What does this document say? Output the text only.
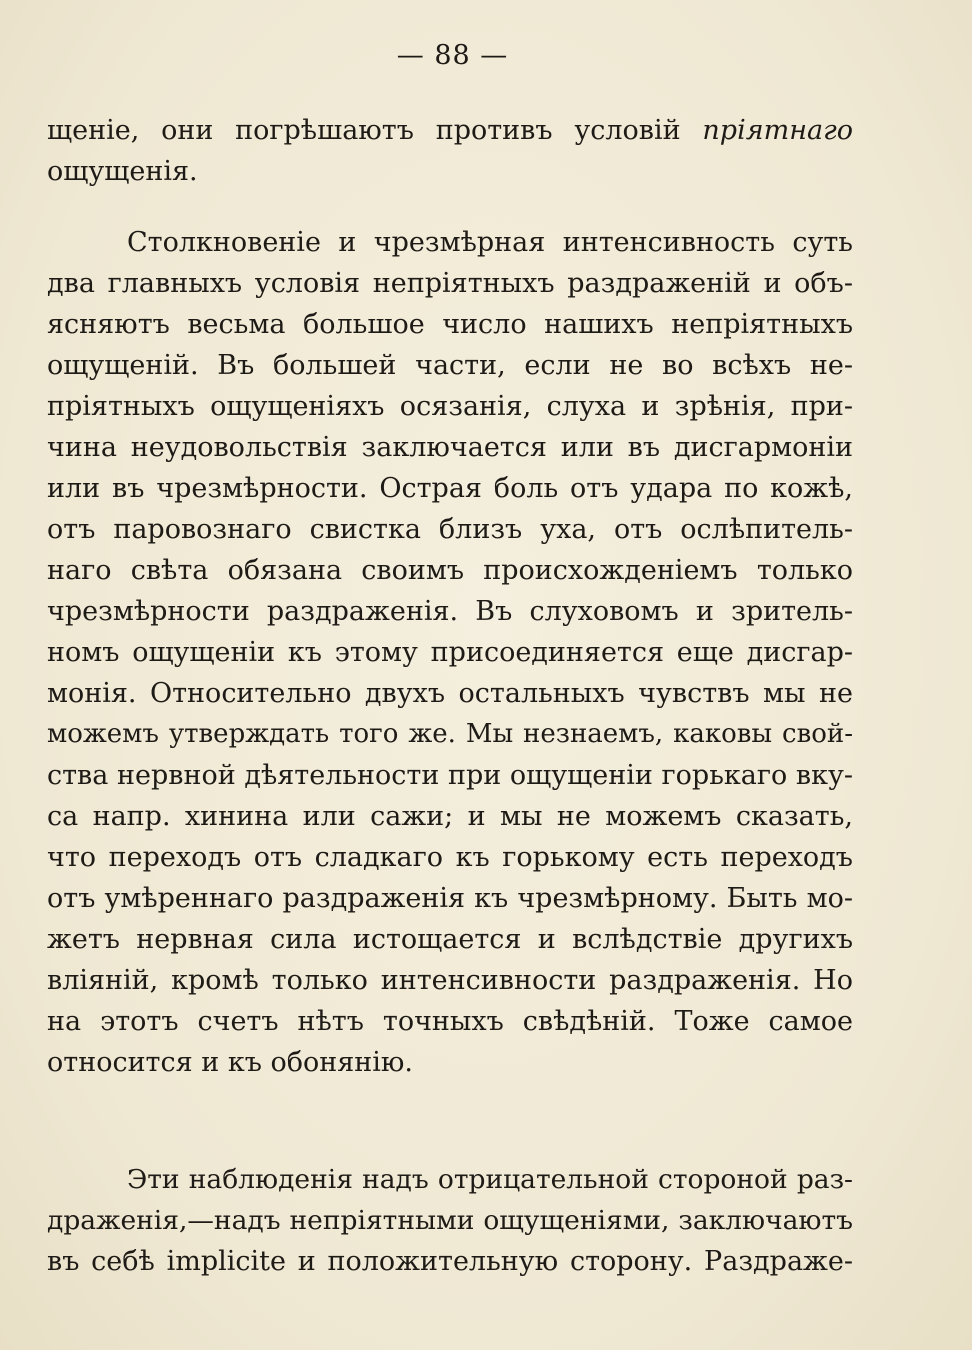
— 88 —
щеніе, они погрѣшаютъ противъ условій пріятнаго
ощущенія.
Столкновеніе и чрезмѣрная интенсивность суть
два главныхъ условія непріятныхъ раздраженій и объ-
ясняютъ весьма большое число нашихъ непріятныхъ
ощущеній. Въ большей части, если не во всѣхъ не-
пріятныхъ ощущеніяхъ осязанія, слуха и зрѣнія, при-
чина неудовольствія заключается или въ дисгармоніи
или въ чрезмѣрности. Острая боль отъ удара по кожѣ,
отъ паровознаго свистка близъ уха, отъ ослѣпитель-
наго свѣта обязана своимъ происхожденіемъ только
чрезмѣрности раздраженія. Въ слуховомъ и зритель-
номъ ощущеніи къ этому присоединяется еще дисгар-
монія. Относительно двухъ остальныхъ чувствъ мы не
можемъ утверждать того же. Мы незнаемъ, каковы свой-
ства нервной дѣятельности при ощущеніи горькаго вку-
са напр. хинина или сажи; и мы не можемъ сказать,
что переходъ отъ сладкаго къ горькому есть переходъ
отъ умѣреннаго раздраженія къ чрезмѣрному. Быть мо-
жетъ нервная сила истощается и вслѣдствіе другихъ
вліяній, кромѣ только интенсивности раздраженія. Но
на этотъ счетъ нѣтъ точныхъ свѣдѣній. Тоже самое
относится и къ обонянію.
Эти наблюденія надъ отрицательной стороной раз-
драженія,—надъ непріятными ощущеніями, заключаютъ
въ себѣ implicite и положительную сторону. Раздраже-
